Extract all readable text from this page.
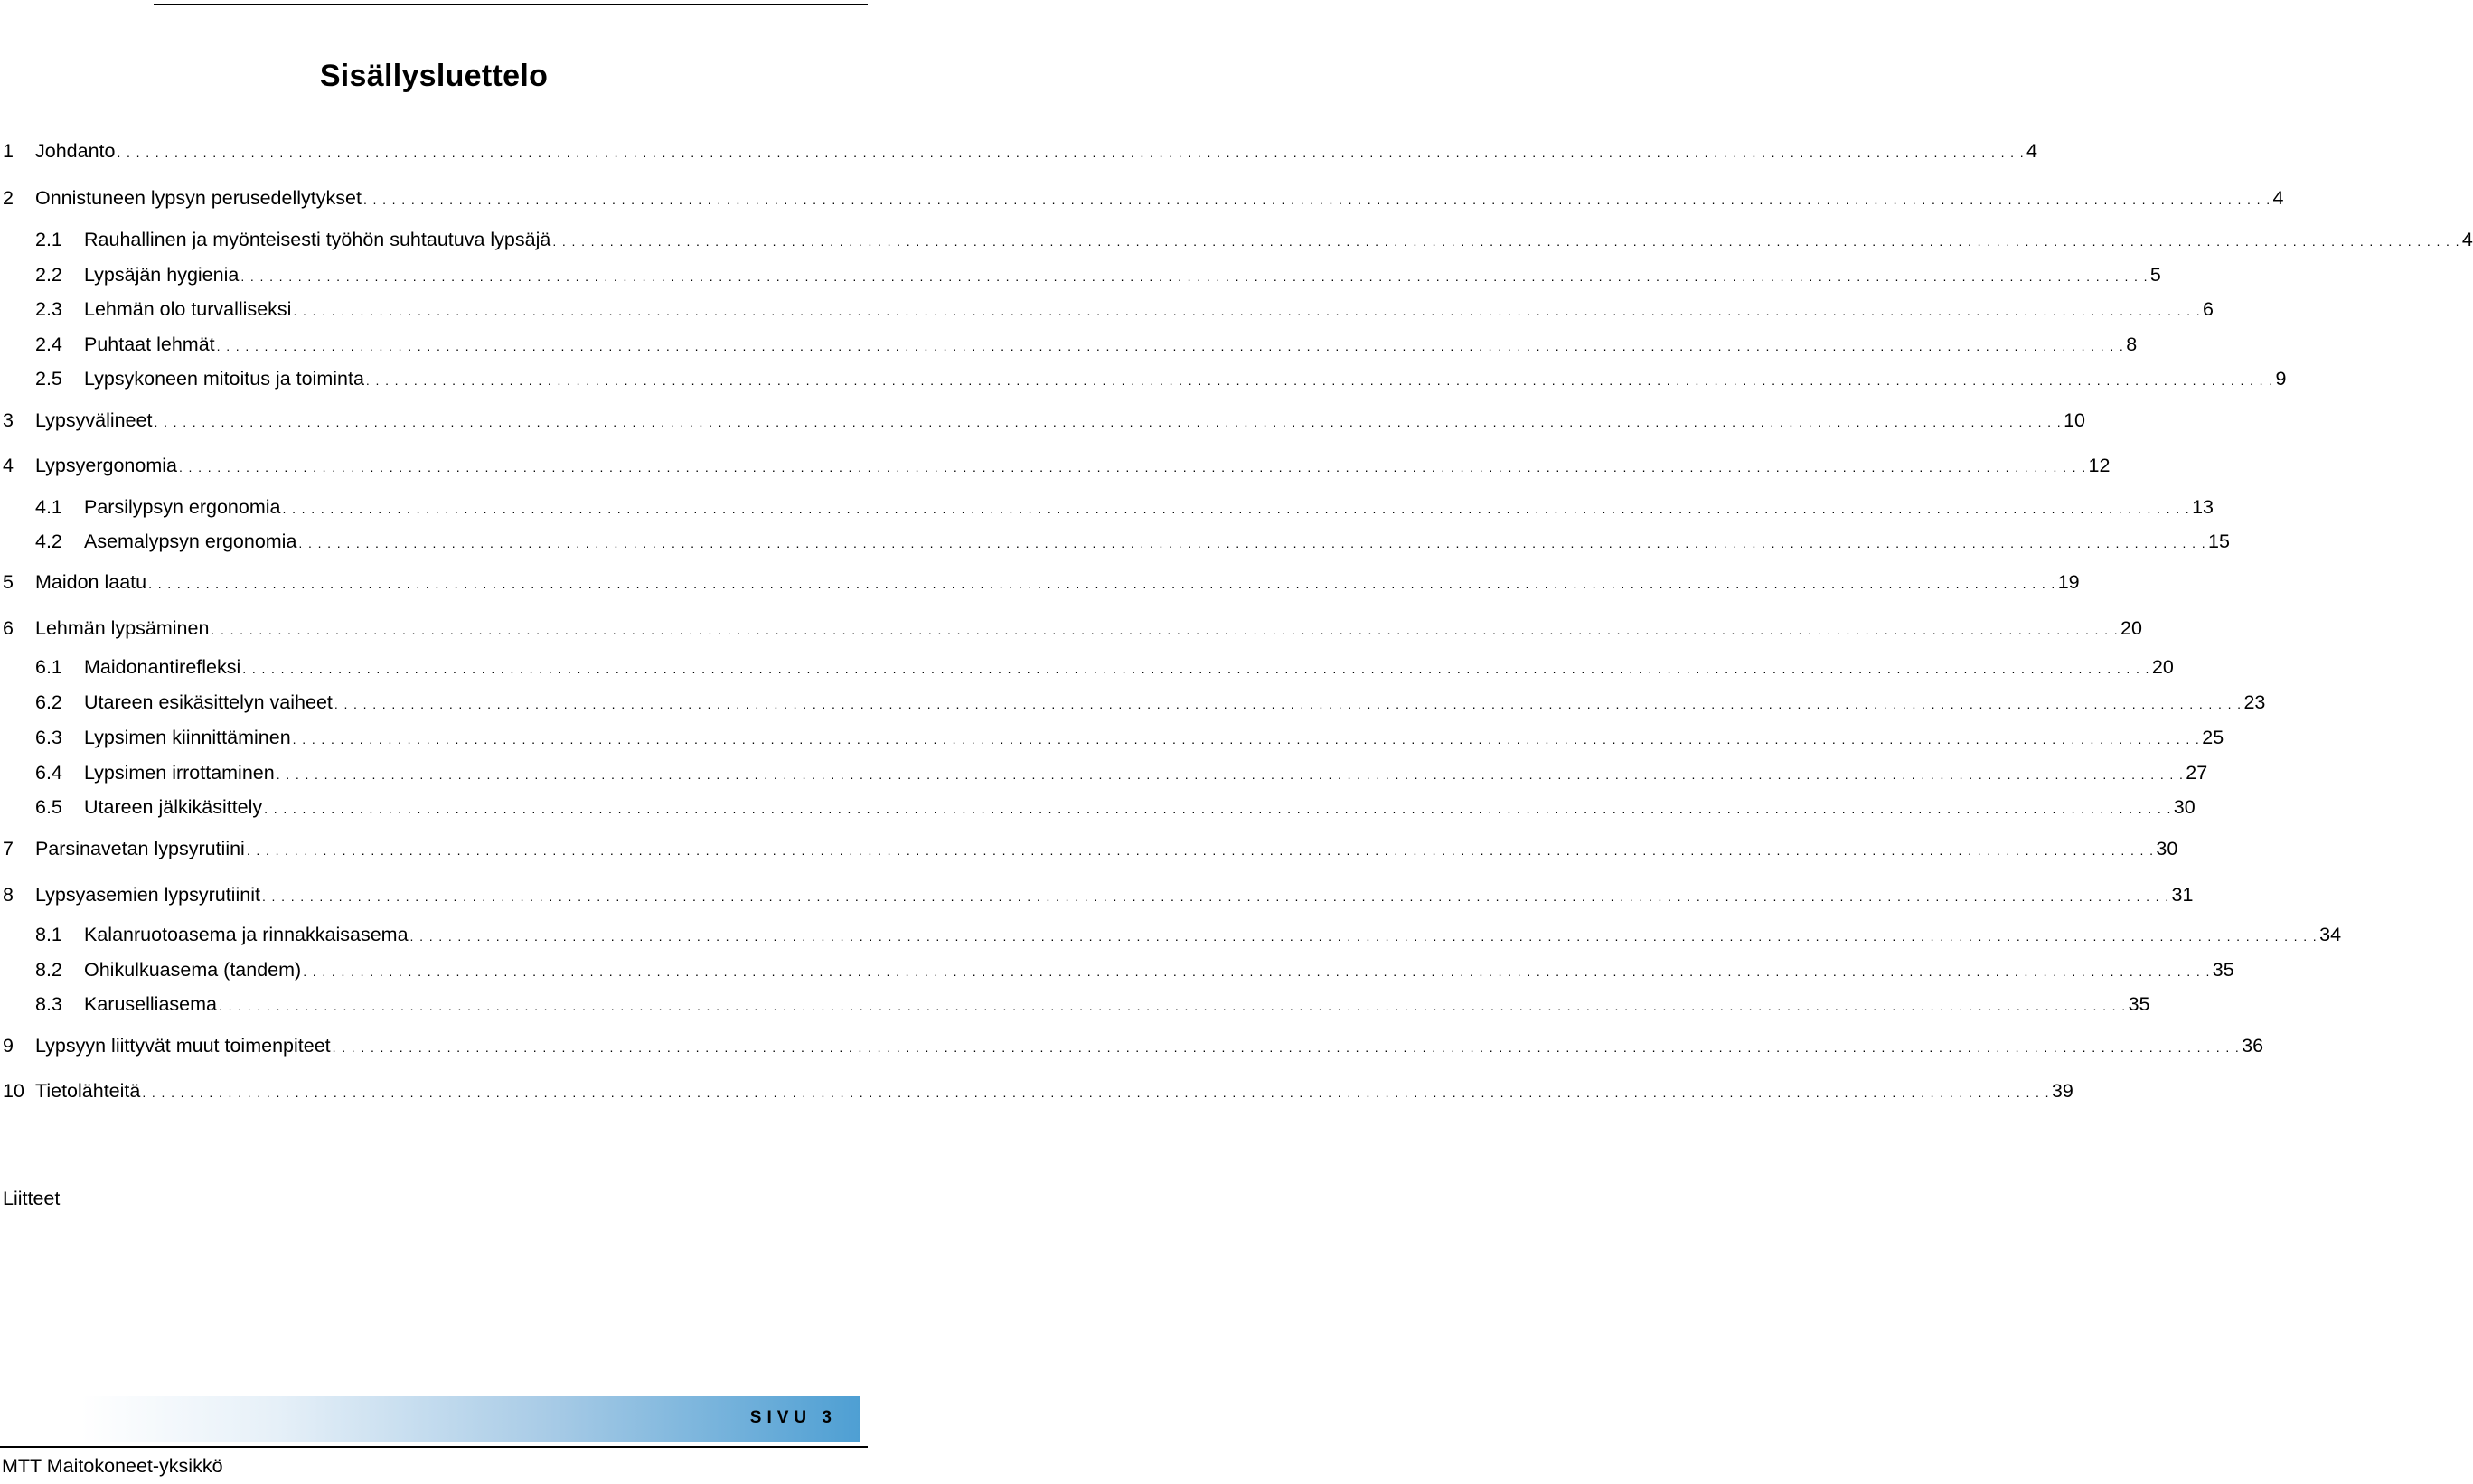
Sisällysluettelo
1 Johdanto . . . . . . . . . . . . . . . . . . . . . . . . . . . . . . . . . . . . . . . . . . . . . . . . . . . . . . . . . . . . . . . . . . . . . . . . . . . . . . . . . . . . . . . . . . . . . . . . . . . . . . . . . . . . . . . . . . . . . . . . . . . . . . . . . . . . . . . . . . . . . . . . . . . . . . . . . . . . . . . . . . . . . . . . . . . . . . . . . . . . . . . . . . . . . . . . . . . . . . . . 4
2 Onnistuneen lypsyn perusedellytykset . . . . . . . . . . . . . . . . . . . . . . . . . . . . . . . . . . . . . . . . . . . . . . . . . . . . . . . . . . . . . . . . . . . . . . . . . . . . . . . . . . . . . . . . . . . . . . . . . . . . . . . . . . . . . . . . . . . . . . . . . . . . . . . . . . . . . . . . . . . . . . . . . . . . . . . . . . . . . . . . . . . . . . . . . . . . . . . . . . . . . . . . . . . . . . . . . . . . . . . . 4
2.1 Rauhallinen ja myönteisesti työhön suhtautuva lypsäjä . . . . . . . . . . . . . . . . . . . . . . . . . . . . . . . . . . . . . . . . . . . . . . . . . . . . . . . . . . . . . . . . . . . . . . . . . . . . . . . . . . . . . . . . . . . . . . . . . . . . . . . . . . . . . . . . . . . . . . . . . . . . . . . . . . . . . . . . . . . . . . . . . . . . . . . . . . . . . . . . . . . . . . . . . . . . . . . . . . . . . . . . . . . . . . . . . . . . . . . . 4
2.2 Lypsäjän hygienia . . . . . . . . . . . . . . . . . . . . . . . . . . . . . . . . . . . . . . . . . . . . . . . . . . . . . . . . . . . . . . . . . . . . . . . . . . . . . . . . . . . . . . . . . . . . . . . . . . . . . . . . . . . . . . . . . . . . . . . . . . . . . . . . . . . . . . . . . . . . . . . . . . . . . . . . . . . . . . . . . . . . . . . . . . . . . . . . . . . . . . . . . . . . . . . . . . . . . . . . 5
2.3 Lehmän olo turvalliseksi . . . . . . . . . . . . . . . . . . . . . . . . . . . . . . . . . . . . . . . . . . . . . . . . . . . . . . . . . . . . . . . . . . . . . . . . . . . . . . . . . . . . . . . . . . . . . . . . . . . . . . . . . . . . . . . . . . . . . . . . . . . . . . . . . . . . . . . . . . . . . . . . . . . . . . . . . . . . . . . . . . . . . . . . . . . . . . . . . . . . . . . . . . . . . . . . . . . . . . . . 6
2.4 Puhtaat lehmät . . . . . . . . . . . . . . . . . . . . . . . . . . . . . . . . . . . . . . . . . . . . . . . . . . . . . . . . . . . . . . . . . . . . . . . . . . . . . . . . . . . . . . . . . . . . . . . . . . . . . . . . . . . . . . . . . . . . . . . . . . . . . . . . . . . . . . . . . . . . . . . . . . . . . . . . . . . . . . . . . . . . . . . . . . . . . . . . . . . . . . . . . . . . . . . . . . . . . . . . 8
2.5 Lypsykoneen mitoitus ja toiminta . . . . . . . . . . . . . . . . . . . . . . . . . . . . . . . . . . . . . . . . . . . . . . . . . . . . . . . . . . . . . . . . . . . . . . . . . . . . . . . . . . . . . . . . . . . . . . . . . . . . . . . . . . . . . . . . . . . . . . . . . . . . . . . . . . . . . . . . . . . . . . . . . . . . . . . . . . . . . . . . . . . . . . . . . . . . . . . . . . . . . . . . . . . . . . . . . . . . . . . . 9
3 Lypsyvälineet . . . . . . . . . . . . . . . . . . . . . . . . . . . . . . . . . . . . . . . . . . . . . . . . . . . . . . . . . . . . . . . . . . . . . . . . . . . . . . . . . . . . . . . . . . . . . . . . . . . . . . . . . . . . . . . . . . . . . . . . . . . . . . . . . . . . . . . . . . . . . . . . . . . . . . . . . . . . . . . . . . . . . . . . . . . . . . . . . . . . . . . . . . . . . . . . . . . . . . . . 10
4 Lypsyergonomia . . . . . . . . . . . . . . . . . . . . . . . . . . . . . . . . . . . . . . . . . . . . . . . . . . . . . . . . . . . . . . . . . . . . . . . . . . . . . . . . . . . . . . . . . . . . . . . . . . . . . . . . . . . . . . . . . . . . . . . . . . . . . . . . . . . . . . . . . . . . . . . . . . . . . . . . . . . . . . . . . . . . . . . . . . . . . . . . . . . . . . . . . . . . . . . . . . . . . . . . 12
4.1 Parsilypsyn ergonomia . . . . . . . . . . . . . . . . . . . . . . . . . . . . . . . . . . . . . . . . . . . . . . . . . . . . . . . . . . . . . . . . . . . . . . . . . . . . . . . . . . . . . . . . . . . . . . . . . . . . . . . . . . . . . . . . . . . . . . . . . . . . . . . . . . . . . . . . . . . . . . . . . . . . . . . . . . . . . . . . . . . . . . . . . . . . . . . . . . . . . . . . . . . . . . . . . . . . . . . . 13
4.2 Asemalypsyn ergonomia . . . . . . . . . . . . . . . . . . . . . . . . . . . . . . . . . . . . . . . . . . . . . . . . . . . . . . . . . . . . . . . . . . . . . . . . . . . . . . . . . . . . . . . . . . . . . . . . . . . . . . . . . . . . . . . . . . . . . . . . . . . . . . . . . . . . . . . . . . . . . . . . . . . . . . . . . . . . . . . . . . . . . . . . . . . . . . . . . . . . . . . . . . . . . . . . . . . . . . . . 15
5 Maidon laatu . . . . . . . . . . . . . . . . . . . . . . . . . . . . . . . . . . . . . . . . . . . . . . . . . . . . . . . . . . . . . . . . . . . . . . . . . . . . . . . . . . . . . . . . . . . . . . . . . . . . . . . . . . . . . . . . . . . . . . . . . . . . . . . . . . . . . . . . . . . . . . . . . . . . . . . . . . . . . . . . . . . . . . . . . . . . . . . . . . . . . . . . . . . . . . . . . . . . . . . . 19
6 Lehmän lypsäminen . . . . . . . . . . . . . . . . . . . . . . . . . . . . . . . . . . . . . . . . . . . . . . . . . . . . . . . . . . . . . . . . . . . . . . . . . . . . . . . . . . . . . . . . . . . . . . . . . . . . . . . . . . . . . . . . . . . . . . . . . . . . . . . . . . . . . . . . . . . . . . . . . . . . . . . . . . . . . . . . . . . . . . . . . . . . . . . . . . . . . . . . . . . . . . . . . . . . . . . . 20
6.1 Maidonantirefleksi . . . . . . . . . . . . . . . . . . . . . . . . . . . . . . . . . . . . . . . . . . . . . . . . . . . . . . . . . . . . . . . . . . . . . . . . . . . . . . . . . . . . . . . . . . . . . . . . . . . . . . . . . . . . . . . . . . . . . . . . . . . . . . . . . . . . . . . . . . . . . . . . . . . . . . . . . . . . . . . . . . . . . . . . . . . . . . . . . . . . . . . . . . . . . . . . . . . . . . . . 20
6.2 Utareen esikäsittelyn vaiheet . . . . . . . . . . . . . . . . . . . . . . . . . . . . . . . . . . . . . . . . . . . . . . . . . . . . . . . . . . . . . . . . . . . . . . . . . . . . . . . . . . . . . . . . . . . . . . . . . . . . . . . . . . . . . . . . . . . . . . . . . . . . . . . . . . . . . . . . . . . . . . . . . . . . . . . . . . . . . . . . . . . . . . . . . . . . . . . . . . . . . . . . . . . . . . . . . . . . . . . . 23
6.3 Lypsimen kiinnittäminen . . . . . . . . . . . . . . . . . . . . . . . . . . . . . . . . . . . . . . . . . . . . . . . . . . . . . . . . . . . . . . . . . . . . . . . . . . . . . . . . . . . . . . . . . . . . . . . . . . . . . . . . . . . . . . . . . . . . . . . . . . . . . . . . . . . . . . . . . . . . . . . . . . . . . . . . . . . . . . . . . . . . . . . . . . . . . . . . . . . . . . . . . . . . . . . . . . . . . . . . 25
6.4 Lypsimen irrottaminen . . . . . . . . . . . . . . . . . . . . . . . . . . . . . . . . . . . . . . . . . . . . . . . . . . . . . . . . . . . . . . . . . . . . . . . . . . . . . . . . . . . . . . . . . . . . . . . . . . . . . . . . . . . . . . . . . . . . . . . . . . . . . . . . . . . . . . . . . . . . . . . . . . . . . . . . . . . . . . . . . . . . . . . . . . . . . . . . . . . . . . . . . . . . . . . . . . . . . . . . 27
6.5 Utareen jälkikäsittely . . . . . . . . . . . . . . . . . . . . . . . . . . . . . . . . . . . . . . . . . . . . . . . . . . . . . . . . . . . . . . . . . . . . . . . . . . . . . . . . . . . . . . . . . . . . . . . . . . . . . . . . . . . . . . . . . . . . . . . . . . . . . . . . . . . . . . . . . . . . . . . . . . . . . . . . . . . . . . . . . . . . . . . . . . . . . . . . . . . . . . . . . . . . . . . . . . . . . . . . 30
7 Parsinavetan lypsyrutiini . . . . . . . . . . . . . . . . . . . . . . . . . . . . . . . . . . . . . . . . . . . . . . . . . . . . . . . . . . . . . . . . . . . . . . . . . . . . . . . . . . . . . . . . . . . . . . . . . . . . . . . . . . . . . . . . . . . . . . . . . . . . . . . . . . . . . . . . . . . . . . . . . . . . . . . . . . . . . . . . . . . . . . . . . . . . . . . . . . . . . . . . . . . . . . . . . . . . . . . . 30
8 Lypsyasemien lypsyrutiinit . . . . . . . . . . . . . . . . . . . . . . . . . . . . . . . . . . . . . . . . . . . . . . . . . . . . . . . . . . . . . . . . . . . . . . . . . . . . . . . . . . . . . . . . . . . . . . . . . . . . . . . . . . . . . . . . . . . . . . . . . . . . . . . . . . . . . . . . . . . . . . . . . . . . . . . . . . . . . . . . . . . . . . . . . . . . . . . . . . . . . . . . . . . . . . . . . . . . . . . . 31
8.1 Kalanruotoasema ja rinnakkaisasema . . . . . . . . . . . . . . . . . . . . . . . . . . . . . . . . . . . . . . . . . . . . . . . . . . . . . . . . . . . . . . . . . . . . . . . . . . . . . . . . . . . . . . . . . . . . . . . . . . . . . . . . . . . . . . . . . . . . . . . . . . . . . . . . . . . . . . . . . . . . . . . . . . . . . . . . . . . . . . . . . . . . . . . . . . . . . . . . . . . . . . . . . . . . . . . . . . . . . . . . 34
8.2 Ohikulkuasema (tandem) . . . . . . . . . . . . . . . . . . . . . . . . . . . . . . . . . . . . . . . . . . . . . . . . . . . . . . . . . . . . . . . . . . . . . . . . . . . . . . . . . . . . . . . . . . . . . . . . . . . . . . . . . . . . . . . . . . . . . . . . . . . . . . . . . . . . . . . . . . . . . . . . . . . . . . . . . . . . . . . . . . . . . . . . . . . . . . . . . . . . . . . . . . . . . . . . . . . . . . . . 35
8.3 Karuselliasema . . . . . . . . . . . . . . . . . . . . . . . . . . . . . . . . . . . . . . . . . . . . . . . . . . . . . . . . . . . . . . . . . . . . . . . . . . . . . . . . . . . . . . . . . . . . . . . . . . . . . . . . . . . . . . . . . . . . . . . . . . . . . . . . . . . . . . . . . . . . . . . . . . . . . . . . . . . . . . . . . . . . . . . . . . . . . . . . . . . . . . . . . . . . . . . . . . . . . . . . 35
9 Lypsyyn liittyvät muut toimenpiteet . . . . . . . . . . . . . . . . . . . . . . . . . . . . . . . . . . . . . . . . . . . . . . . . . . . . . . . . . . . . . . . . . . . . . . . . . . . . . . . . . . . . . . . . . . . . . . . . . . . . . . . . . . . . . . . . . . . . . . . . . . . . . . . . . . . . . . . . . . . . . . . . . . . . . . . . . . . . . . . . . . . . . . . . . . . . . . . . . . . . . . . . . . . . . . . . . . . . . . . . 36
10 Tietolähteitä . . . . . . . . . . . . . . . . . . . . . . . . . . . . . . . . . . . . . . . . . . . . . . . . . . . . . . . . . . . . . . . . . . . . . . . . . . . . . . . . . . . . . . . . . . . . . . . . . . . . . . . . . . . . . . . . . . . . . . . . . . . . . . . . . . . . . . . . . . . . . . . . . . . . . . . . . . . . . . . . . . . . . . . . . . . . . . . . . . . . . . . . . . . . . . . . . . . . . . . . 39
Liitteet
SIVU 3
MTT Maitokoneet-yksikkö
